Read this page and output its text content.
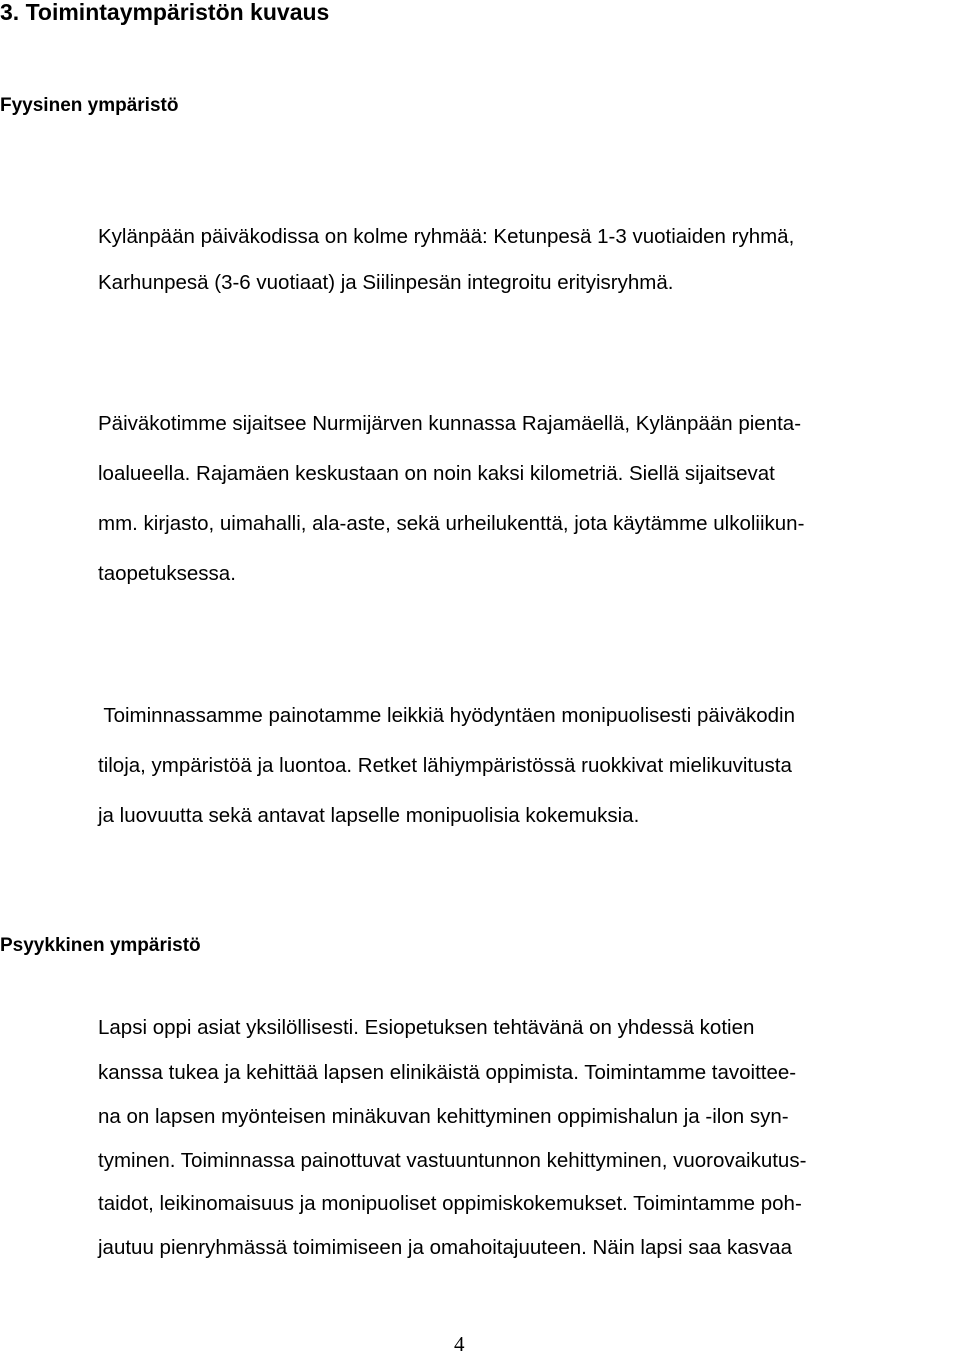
3. Toimintaympäristön kuvaus
Fyysinen ympäristö

Kylänpään päiväkodissa on kolme ryhmää: Ketunpesä 1-3 vuotiaiden ryhmä,

Karhunpesä (3-6 vuotiaat) ja Siilinpesän integroitu erityisryhmä.

Päiväkotimme sijaitsee Nurmijärven kunnassa Rajamäellä, Kylänpään pienta-

loalueella. Rajamäen keskustaan on noin kaksi kilometriä. Siellä sijaitsevat

mm. kirjasto, uimahalli, ala-aste, sekä urheilukenttä, jota käytämme ulkoliikun-

taopetuksessa.

Toiminnassamme painotamme leikkiä hyödyntäen monipuolisesti päiväkodin

tiloja, ympäristöä ja luontoa. Retket lähiympäristössä ruokkivat mielikuvitusta

ja luovuutta sekä antavat lapselle monipuolisia kokemuksia.

Psyykkinen ympäristö

Lapsi oppi asiat yksilöllisesti. Esiopetuksen tehtävänä on yhdessä kotien

kanssa tukea ja kehittää lapsen elinikäistä oppimista. Toimintamme tavoittee-

na on lapsen myönteisen minäkuvan kehittyminen oppimishalun ja -ilon syn-

tyminen. Toiminnassa painottuvat vastuuntunnon kehittyminen, vuorovaikutus-

taidot, leikinomaisuus ja monipuoliset oppimiskokemukset. Toimintamme poh-

jautuu pienryhmässä toimimiseen ja omahoitajuuteen. Näin lapsi saa kasvaa

4
